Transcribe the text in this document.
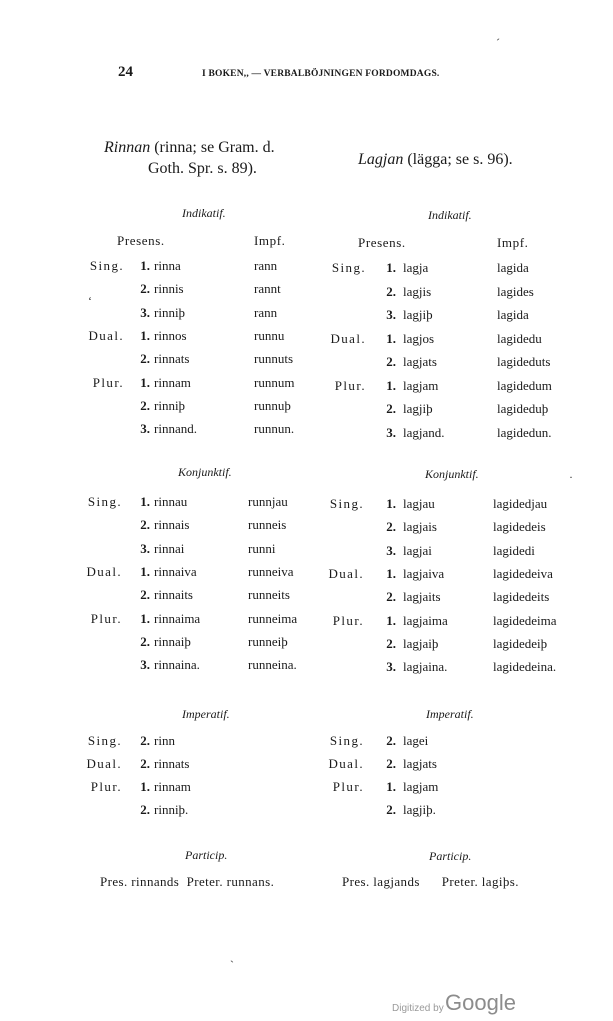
24	I BOKEN,, — VERBALBÖJNINGEN FORDOMDAGS.
ˊ
ʻ
·
ˎ
Rinnan (rinna; se Gram. d.
Goth. Spr. s. 89).
Lagjan (lägga; se s. 96).
Indikatif.	Indikatif.
Presens.	Impf.	Presens.	Impf.
Konjunktif.	Konjunktif.
Imperatif.	Imperatif.
Particip.	Particip.
Pres. rinnands Preter. runnans.	Pres. lagjands Preter. lagiþs.
Digitized by Google
Sing.	1. rinna	rann
2. rinnis	rannt
3. rinniþ	rann
Dual.	1. rinnos	runnu
2. rinnats	runnuts
Plur.	1. rinnam	runnum
2. rinniþ	runnuþ
3. rinnand.	runnun.
Sing.	1. rinnau	runnjau
2. rinnais	runneis
3. rinnai	runni
Dual.	1. rinnaiva	runneiva
2. rinnaits	runneits
Plur.	1. rinnaima	runneima
2. rinnaiþ	runneiþ
3. rinnaina.	runneina.
Sing.	2. rinn
Dual.	2. rinnats
Plur.	1. rinnam
2. rinniþ.
Sing.	1. lagja	lagida
2. lagjis	lagides
3. lagjiþ	lagida
Dual.	1. lagjos	lagidedu
2. lagjats	lagideduts
Plur.	1. lagjam	lagidedum
2. lagjiþ	lagideduþ
3. lagjand.	lagidedun.
Sing.	1. lagjau	lagidedjau
2. lagjais	lagidedeis
3. lagjai	lagidedi
Dual.	1. lagjaiva	lagidedeiva
2. lagjaits	lagidedeits
Plur.	1. lagjaima	lagidedeima
2. lagjaiþ	lagidedeiþ
3. lagjaina.	lagidedeina.
Sing.	2. lagei
Dual.	2. lagjats
Plur.	1. lagjam
2. lagjiþ.
